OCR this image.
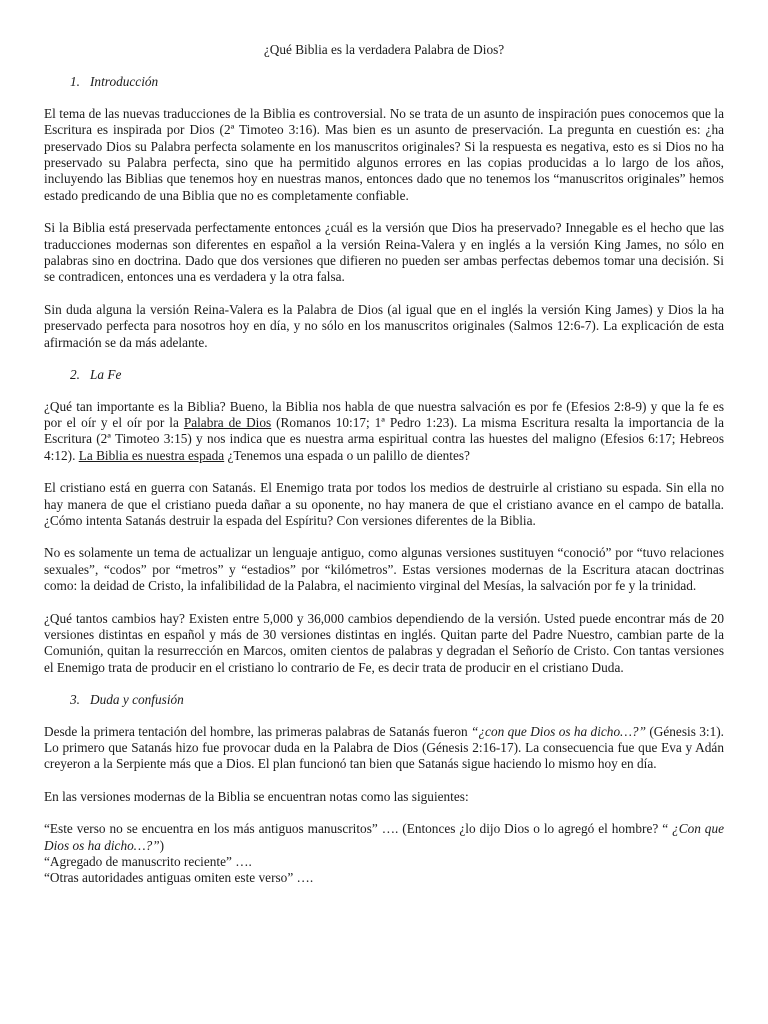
¿Qué Biblia es la verdadera Palabra de Dios?
1. Introducción

El tema de las nuevas traducciones de la Biblia es controversial. No se trata de un asunto de inspiración pues conocemos que la Escritura es inspirada por Dios (2ª Timoteo 3:16). Mas bien es un asunto de preservación. La pregunta en cuestión es: ¿ha preservado Dios su Palabra perfecta solamente en los manuscritos originales? Si la respuesta es negativa, esto es si Dios no ha preservado su Palabra perfecta, sino que ha permitido algunos errores en las copias producidas a lo largo de los años, incluyendo las Biblias que tenemos hoy en nuestras manos, entonces dado que no tenemos los “manuscritos originales” hemos estado predicando de una Biblia que no es completamente confiable.

Si la Biblia está preservada perfectamente entonces ¿cuál es la versión que Dios ha preservado? Innegable es el hecho que las traducciones modernas son diferentes en español a la versión Reina-Valera y en inglés a la versión King James, no sólo en palabras sino en doctrina. Dado que dos versiones que difieren no pueden ser ambas perfectas debemos tomar una decisión. Si se contradicen, entonces una es verdadera y la otra falsa.

Sin duda alguna la versión Reina-Valera es la Palabra de Dios (al igual que en el inglés la versión King James) y Dios la ha preservado perfecta para nosotros hoy en día, y no sólo en los manuscritos originales (Salmos 12:6-7). La explicación de esta afirmación se da más adelante.

2. La Fe

¿Qué tan importante es la Biblia? Bueno, la Biblia nos habla de que nuestra salvación es por fe (Efesios 2:8-9) y que la fe es por el oír y el oír por la Palabra de Dios (Romanos 10:17; 1ª Pedro 1:23). La misma Escritura resalta la importancia de la Escritura (2ª Timoteo 3:15) y nos indica que es nuestra arma espiritual contra las huestes del maligno (Efesios 6:17; Hebreos 4:12). La Biblia es nuestra espada ¿Tenemos una espada o un palillo de dientes?

El cristiano está en guerra con Satanás. El Enemigo trata por todos los medios de destruirle al cristiano su espada. Sin ella no hay manera de que el cristiano pueda dañar a su oponente, no hay manera de que el cristiano avance en el campo de batalla. ¿Cómo intenta Satanás destruir la espada del Espíritu? Con versiones diferentes de la Biblia.

No es solamente un tema de actualizar un lenguaje antiguo, como algunas versiones sustituyen “conoció” por “tuvo relaciones sexuales”, “codos” por “metros” y “estadios” por “kilómetros”. Estas versiones modernas de la Escritura atacan doctrinas como: la deidad de Cristo, la infalibilidad de la Palabra, el nacimiento virginal del Mesías, la salvación por fe y la trinidad.

¿Qué tantos cambios hay? Existen entre 5,000 y 36,000 cambios dependiendo de la versión. Usted puede encontrar más de 20 versiones distintas en español y más de 30 versiones distintas en inglés. Quitan parte del Padre Nuestro, cambian parte de la Comunión, quitan la resurrección en Marcos, omiten cientos de palabras y degradan el Señorío de Cristo. Con tantas versiones el Enemigo trata de producir en el cristiano lo contrario de Fe, es decir trata de producir en el cristiano Duda.

3. Duda y confusión

Desde la primera tentación del hombre, las primeras palabras de Satanás fueron “¿con que Dios os ha dicho…?” (Génesis 3:1). Lo primero que Satanás hizo fue provocar duda en la Palabra de Dios (Génesis 2:16-17). La consecuencia fue que Eva y Adán creyeron a la Serpiente más que a Dios. El plan funcionó tan bien que Satanás sigue haciendo lo mismo hoy en día.

En las versiones modernas de la Biblia se encuentran notas como las siguientes:

“Este verso no se encuentra en los más antiguos manuscritos” …. (Entonces ¿lo dijo Dios o lo agregó el hombre? “ ¿Con que Dios os ha dicho…?”)

“Agregado de manuscrito reciente” ….

“Otras autoridades antiguas omiten este verso” ….
